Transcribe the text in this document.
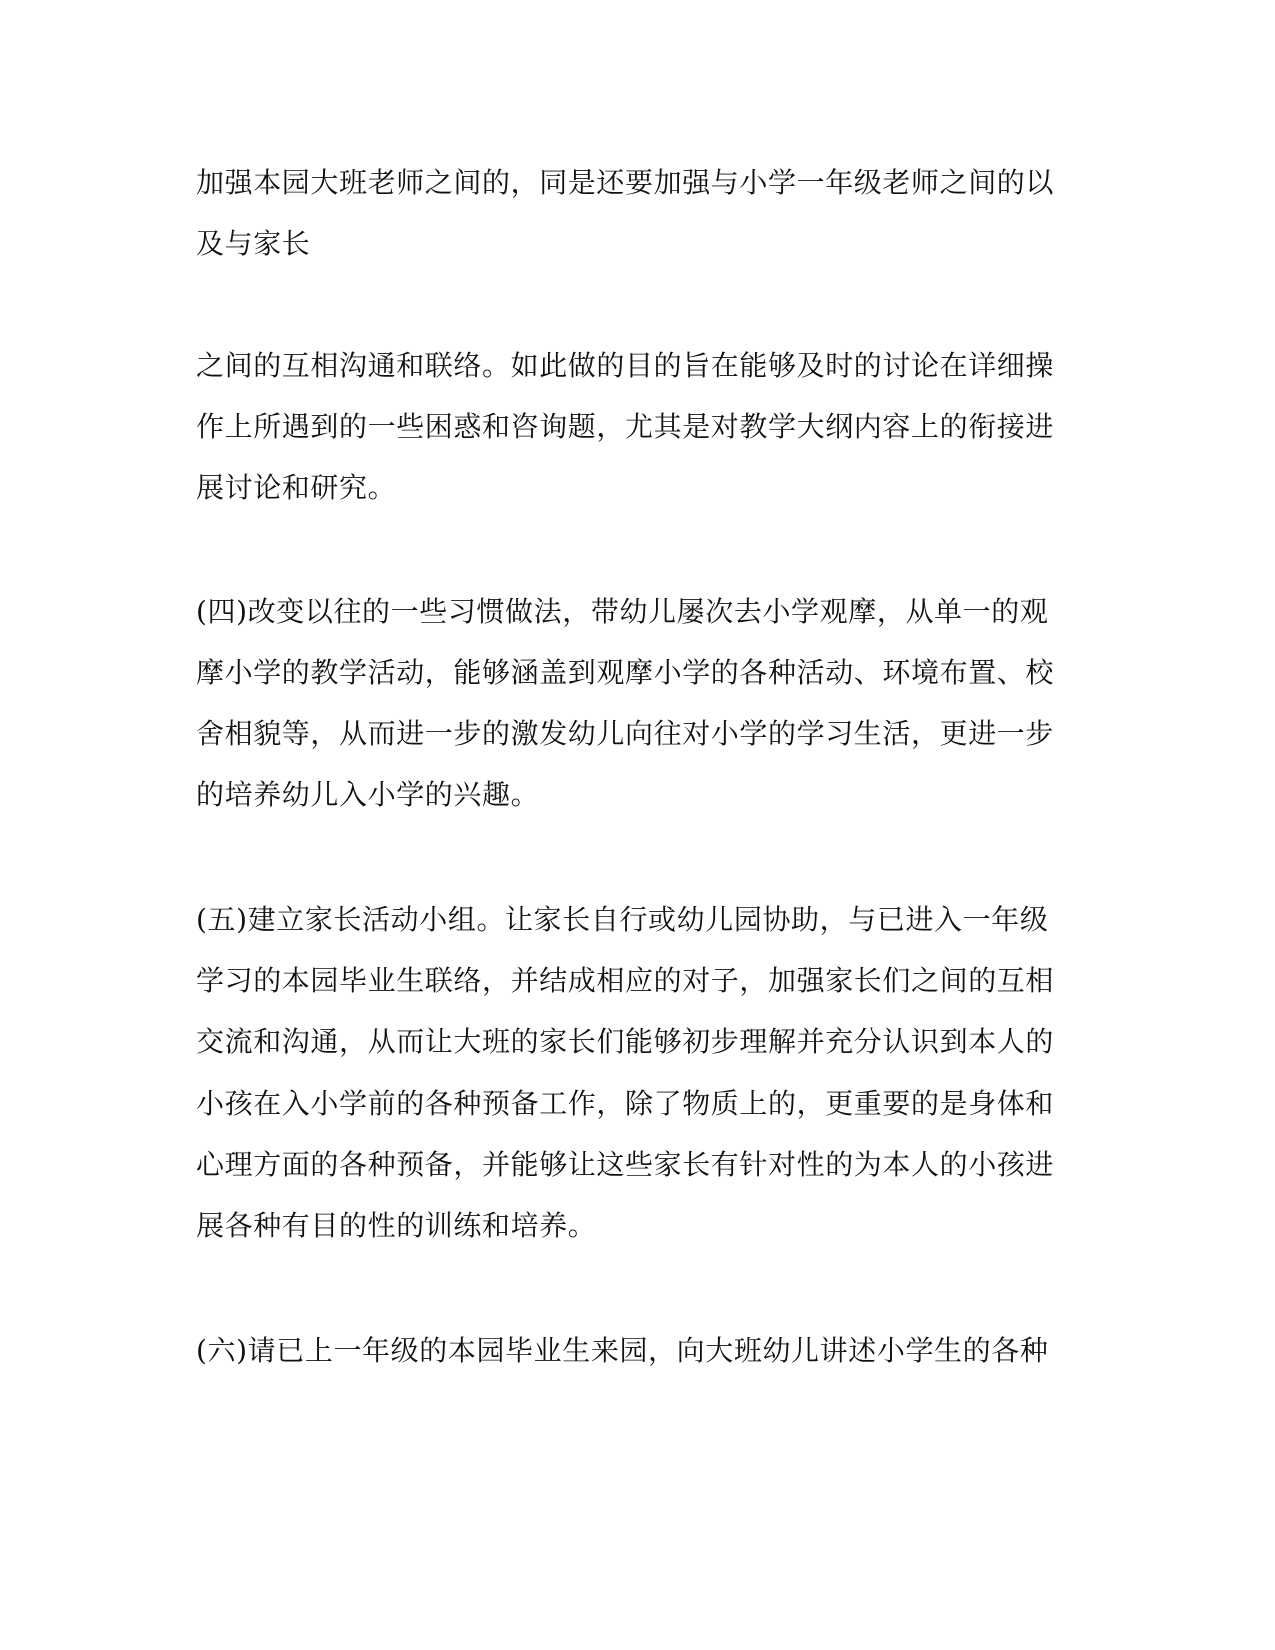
加强本园大班老师之间的，同是还要加强与小学一年级老师之间的以
及与家长
之间的互相沟通和联络。如此做的目的旨在能够及时的讨论在详细操
作上所遇到的一些困惑和咨询题，尤其是对教学大纲内容上的衔接进
展讨论和研究。
(四)改变以往的一些习惯做法，带幼儿屡次去小学观摩，从单一的观
摩小学的教学活动，能够涵盖到观摩小学的各种活动、环境布置、校
舍相貌等，从而进一步的激发幼儿向往对小学的学习生活，更进一步
的培养幼儿入小学的兴趣。
(五)建立家长活动小组。让家长自行或幼儿园协助，与已进入一年级
学习的本园毕业生联络，并结成相应的对子，加强家长们之间的互相
交流和沟通，从而让大班的家长们能够初步理解并充分认识到本人的
小孩在入小学前的各种预备工作，除了物质上的，更重要的是身体和
心理方面的各种预备，并能够让这些家长有针对性的为本人的小孩进
展各种有目的性的训练和培养。
(六)请已上一年级的本园毕业生来园，向大班幼儿讲述小学生的各种
